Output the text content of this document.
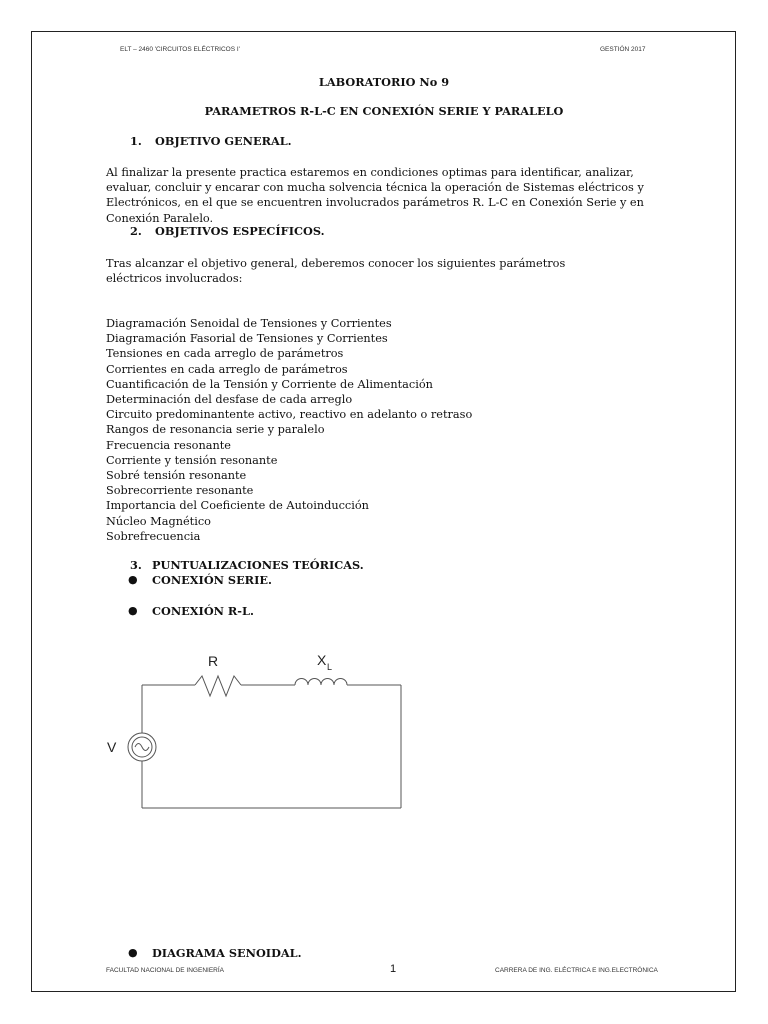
ELT – 2460 'CIRCUITOS ELÉCTRICOS I'	GESTIÓN 2017
LABORATORIO No 9
PARAMETROS R-L-C EN CONEXIÓN SERIE Y PARALELO
1. OBJETIVO GENERAL.
Al finalizar la presente practica estaremos en condiciones optimas para identificar, analizar, evaluar, concluir y encarar con mucha solvencia técnica la operación de Sistemas eléctricos y Electrónicos, en el que se encuentren involucrados parámetros R. L-C en Conexión Serie y en Conexión Paralelo.
2. OBJETIVOS ESPECÍFICOS.
Tras alcanzar el objetivo general, deberemos conocer los siguientes parámetros eléctricos involucrados:
Diagramación Senoidal de Tensiones y Corrientes
Diagramación Fasorial de Tensiones y Corrientes
Tensiones en cada arreglo de parámetros
Corrientes en cada arreglo de parámetros
Cuantificación de la Tensión y Corriente de Alimentación
Determinación del desfase de cada arreglo
Circuito predominantente activo, reactivo en adelanto o retraso
Rangos de resonancia serie y paralelo
Frecuencia resonante
Corriente y tensión resonante
Sobré tensión resonante
Sobrecorriente resonante
Importancia del Coeficiente de Autoinducción
Núcleo Magnético
Sobrefrecuencia
3. PUNTUALIZACIONES TEÓRICAS.
● CONEXIÓN SERIE.
● CONEXIÓN R-L.
R	X L
V
● DIAGRAMA SENOIDAL.
FACULTAD NACIONAL DE INGENIERÍA	1	CARRERA DE ING. ELÉCTRICA E ING.ELECTRÓNICA
